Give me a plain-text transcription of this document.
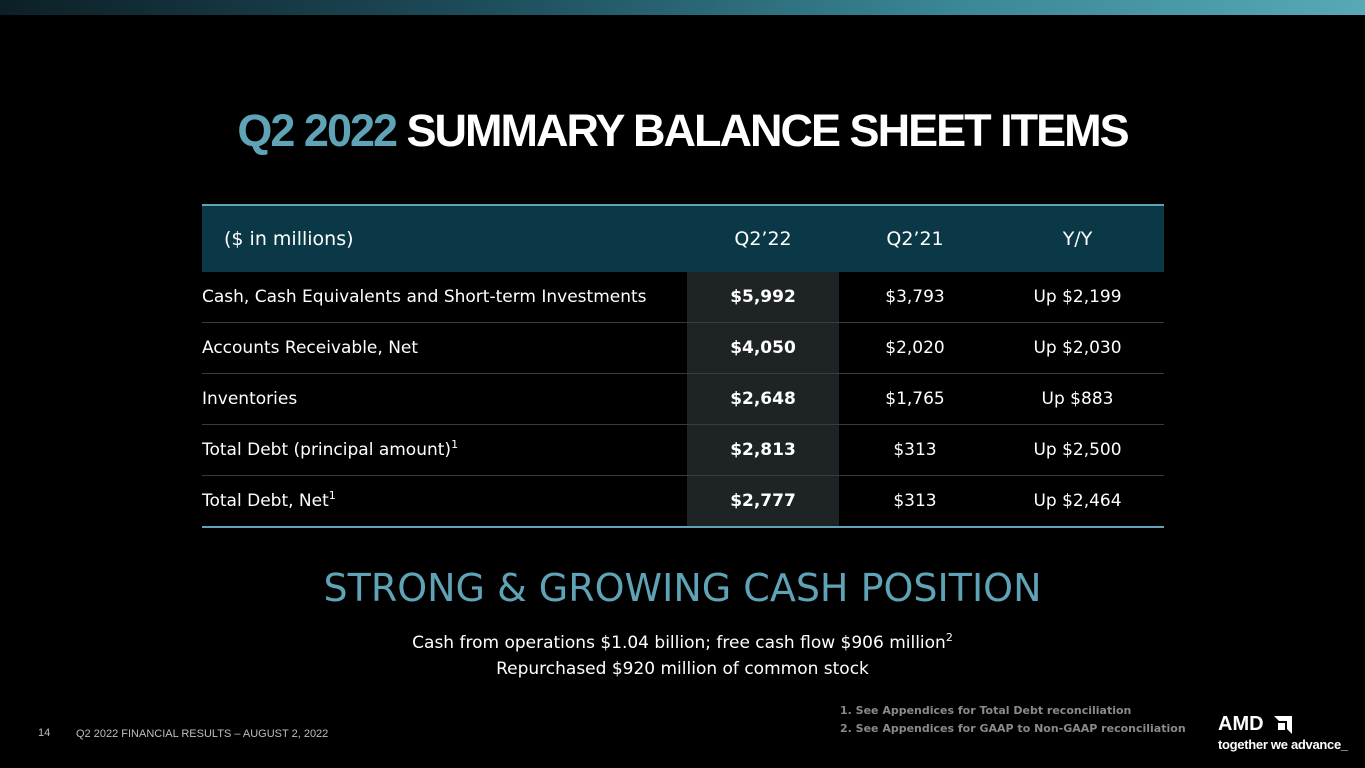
Q2 2022 SUMMARY BALANCE SHEET ITEMS
($ in millions)	Q2’22	Q2’21	Y/Y
Cash, Cash Equivalents and Short-term Investments	$5,992	$3,793	Up $2,199
Accounts Receivable, Net	$4,050	$2,020	Up $2,030
Inventories	$2,648	$1,765	Up $883
Total Debt (principal amount)$^1$	$2,813	$313	Up $2,500
Total Debt, Net$^1$	$2,777	$313	Up $2,464
STRONG & GROWING CASH POSITION
Cash from operations $1.04 billion; free cash flow $906 million$^2$
Repurchased $920 million of common stock
1. See Appendices for Total Debt reconciliation
2. See Appendices for GAAP to Non-GAAP reconciliation
14 Q2 2022 FINANCIAL RESULTS – AUGUST 2, 2022	AMD
together we advance_
